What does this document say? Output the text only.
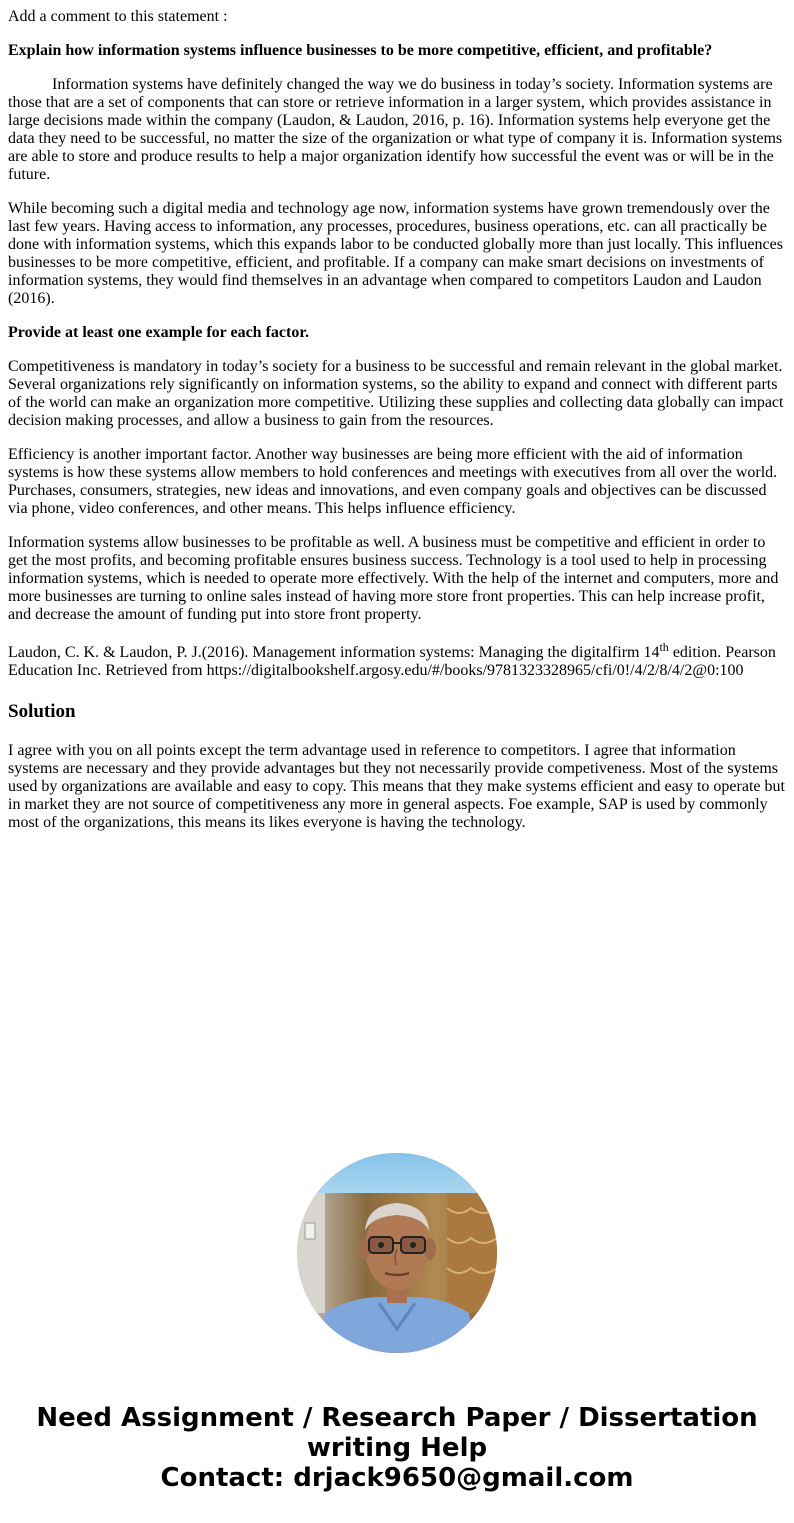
Add a comment to this statement :

Explain how information systems influence businesses to be more competitive, efficient, and profitable?

Information systems have definitely changed the way we do business in today’s society. Information systems are those that are a set of components that can store or retrieve information in a larger system, which provides assistance in large decisions made within the company (Laudon, & Laudon, 2016, p. 16). Information systems help everyone get the data they need to be successful, no matter the size of the organization or what type of company it is. Information systems are able to store and produce results to help a major organization identify how successful the event was or will be in the future.

While becoming such a digital media and technology age now, information systems have grown tremendously over the last few years. Having access to information, any processes, procedures, business operations, etc. can all practically be done with information systems, which this expands labor to be conducted globally more than just locally. This influences businesses to be more competitive, efficient, and profitable. If a company can make smart decisions on investments of information systems, they would find themselves in an advantage when compared to competitors Laudon and Laudon (2016).

Provide at least one example for each factor.

Competitiveness is mandatory in today’s society for a business to be successful and remain relevant in the global market. Several organizations rely significantly on information systems, so the ability to expand and connect with different parts of the world can make an organization more competitive. Utilizing these supplies and collecting data globally can impact decision making processes, and allow a business to gain from the resources.

Efficiency is another important factor. Another way businesses are being more efficient with the aid of information systems is how these systems allow members to hold conferences and meetings with executives from all over the world. Purchases, consumers, strategies, new ideas and innovations, and even company goals and objectives can be discussed via phone, video conferences, and other means. This helps influence efficiency.

Information systems allow businesses to be profitable as well. A business must be competitive and efficient in order to get the most profits, and becoming profitable ensures business success. Technology is a tool used to help in processing information systems, which is needed to operate more effectively. With the help of the internet and computers, more and more businesses are turning to online sales instead of having more store front properties. This can help increase profit, and decrease the amount of funding put into store front property.

Laudon, C. K. & Laudon, P. J.(2016). Management information systems: Managing the digitalfirm 14th edition. Pearson Education Inc. Retrieved from https://digitalbookshelf.argosy.edu/#/books/9781323328965/cfi/0!/4/2/8/4/2@0:100

Solution

I agree with you on all points except the term advantage used in reference to competitors. I agree that information systems are necessary and they provide advantages but they not necessarily provide competiveness. Most of the systems used by organizations are available and easy to copy. This means that they make systems efficient and easy to operate but in market they are not source of competitiveness any more in general aspects. Foe example, SAP is used by commonly most of the organizations, this means its likes everyone is having the technology.

Need Assignment / Research Paper / Dissertation
writing Help
Contact: drjack9650@gmail.com
